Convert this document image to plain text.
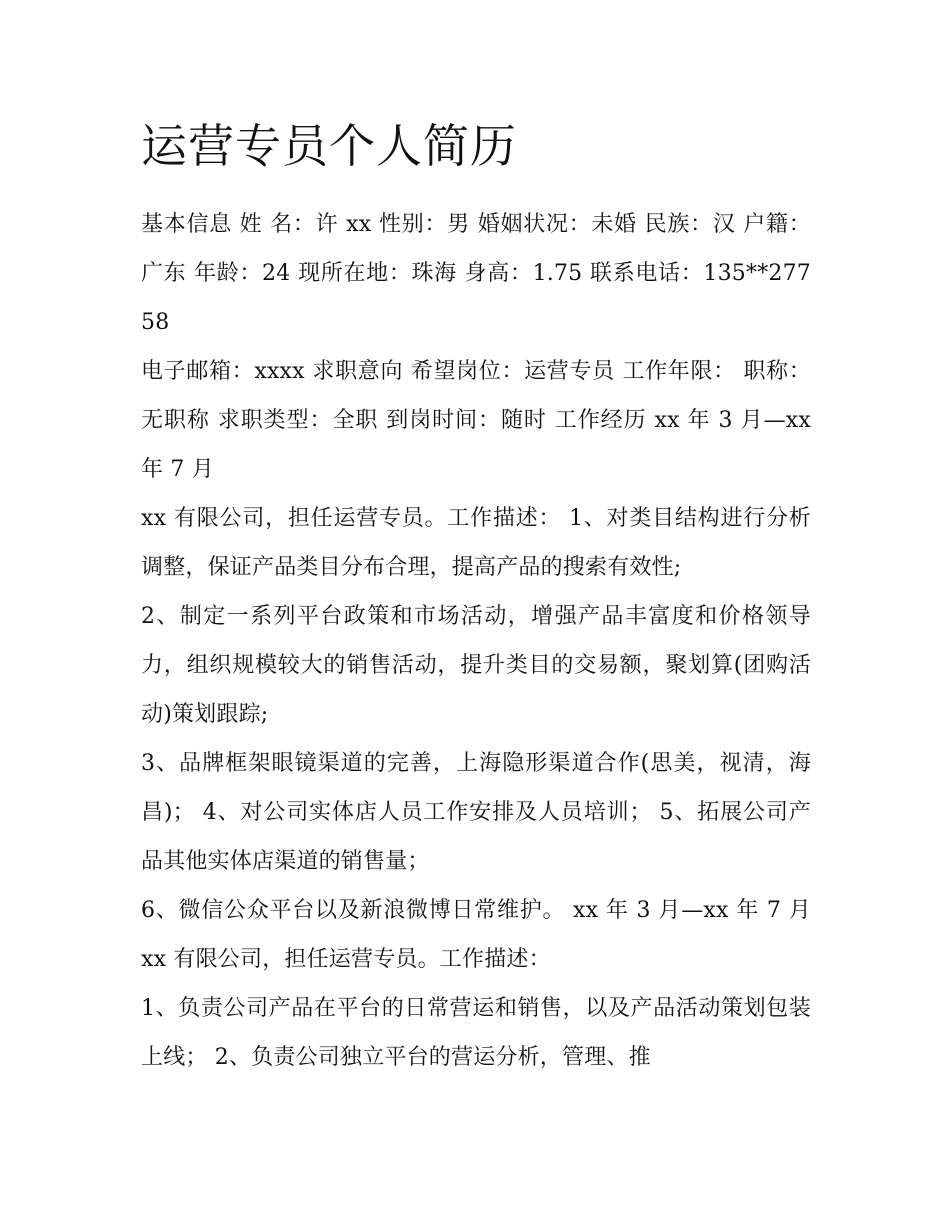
运营专员个人简历

基本信息 姓 名：许 xx 性别：男 婚姻状况：未婚 民族：汉 户籍：广东 年龄：24 现所在地：珠海 身高：1.75 联系电话：135**27758

电子邮箱：xxxx 求职意向 希望岗位：运营专员 工作年限： 职称：无职称 求职类型：全职 到岗时间：随时 工作经历 xx 年 3 月—xx 年 7 月

xx 有限公司，担任运营专员。工作描述： 1、对类目结构进行分析调整，保证产品类目分布合理，提高产品的搜索有效性;

2、制定一系列平台政策和市场活动，增强产品丰富度和价格领导力，组织规模较大的销售活动，提升类目的交易额，聚划算(团购活动)策划跟踪;

3、品牌框架眼镜渠道的完善，上海隐形渠道合作(思美，视清，海昌)； 4、对公司实体店人员工作安排及人员培训； 5、拓展公司产品其他实体店渠道的销售量；

6、微信公众平台以及新浪微博日常维护。 xx 年 3 月—xx 年 7 月 xx 有限公司，担任运营专员。工作描述：

1、负责公司产品在平台的日常营运和销售，以及产品活动策划包装上线； 2、负责公司独立平台的营运分析，管理、推
